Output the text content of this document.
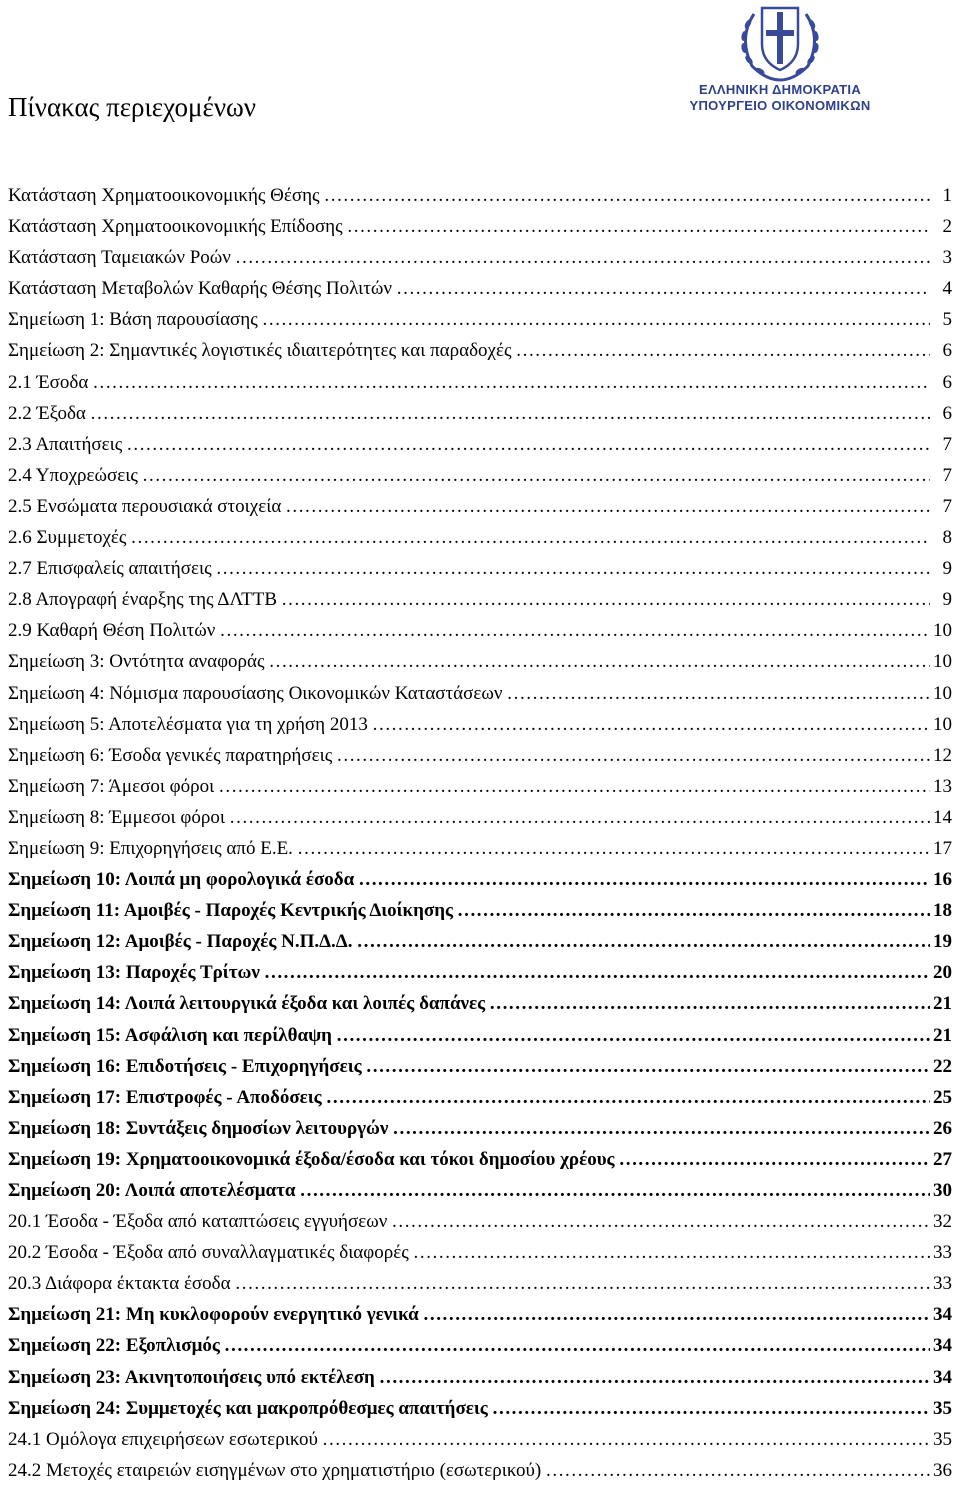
Πίνακας περιεχομένων
ΕΛΛΗΝΙΚΗ ΔΗΜΟΚΡΑΤΙΑ
ΥΠΟΥΡΓΕΙΟ ΟΙΚΟΝΟΜΙΚΩΝ
Κατάσταση Χρηματοοικονομικής Θέσης …………………………………………………………………………………………………………………………………………………………………	1
Κατάσταση Χρηματοοικονομικής Επίδοσης …………………………………………………………………………………………………………………………………………………………………	2
Κατάσταση Ταμειακών Ροών …………………………………………………………………………………………………………………………………………………………………	3
Κατάσταση Μεταβολών Καθαρής Θέσης Πολιτών …………………………………………………………………………………………………………………………………………………………………	4
Σημείωση 1: Βάση παρουσίασης …………………………………………………………………………………………………………………………………………………………………	5
Σημείωση 2: Σημαντικές λογιστικές ιδιαιτερότητες και παραδοχές …………………………………………………………………………………………………………………………………………………………………	6
2.1 Έσοδα …………………………………………………………………………………………………………………………………………………………………	6
2.2 Έξοδα …………………………………………………………………………………………………………………………………………………………………	6
2.3 Απαιτήσεις …………………………………………………………………………………………………………………………………………………………………	7
2.4 Υποχρεώσεις …………………………………………………………………………………………………………………………………………………………………	7
2.5 Ενσώματα περουσιακά στοιχεία …………………………………………………………………………………………………………………………………………………………………	7
2.6 Συμμετοχές …………………………………………………………………………………………………………………………………………………………………	8
2.7 Επισφαλείς απαιτήσεις …………………………………………………………………………………………………………………………………………………………………	9
2.8 Απογραφή έναρξης της ΔΛΤΤΒ …………………………………………………………………………………………………………………………………………………………………	9
2.9 Καθαρή Θέση Πολιτών …………………………………………………………………………………………………………………………………………………………………	10
Σημείωση 3: Οντότητα αναφοράς …………………………………………………………………………………………………………………………………………………………………	10
Σημείωση 4: Νόμισμα παρουσίασης Οικονομικών Καταστάσεων …………………………………………………………………………………………………………………………………………………………………	10
Σημείωση 5: Αποτελέσματα για τη χρήση 2013 …………………………………………………………………………………………………………………………………………………………………	10
Σημείωση 6: Έσοδα γενικές παρατηρήσεις …………………………………………………………………………………………………………………………………………………………………	12
Σημείωση 7: Άμεσοι φόροι …………………………………………………………………………………………………………………………………………………………………	13
Σημείωση 8: Έμμεσοι φόροι …………………………………………………………………………………………………………………………………………………………………	14
Σημείωση 9: Επιχορηγήσεις από Ε.Ε. …………………………………………………………………………………………………………………………………………………………………	17
Σημείωση 10: Λοιπά μη φορολογικά έσοδα …………………………………………………………………………………………………………………………………………………………………	16
Σημείωση 11: Αμοιβές - Παροχές Κεντρικής Διοίκησης …………………………………………………………………………………………………………………………………………………………………	18
Σημείωση 12: Αμοιβές - Παροχές Ν.Π.Δ.Δ. …………………………………………………………………………………………………………………………………………………………………	19
Σημείωση 13: Παροχές Τρίτων …………………………………………………………………………………………………………………………………………………………………	20
Σημείωση 14: Λοιπά λειτουργικά έξοδα και λοιπές δαπάνες …………………………………………………………………………………………………………………………………………………………………	21
Σημείωση 15: Ασφάλιση και περίλθαψη …………………………………………………………………………………………………………………………………………………………………	21
Σημείωση 16: Επιδοτήσεις - Επιχορηγήσεις …………………………………………………………………………………………………………………………………………………………………	22
Σημείωση 17: Επιστροφές - Αποδόσεις …………………………………………………………………………………………………………………………………………………………………	25
Σημείωση 18: Συντάξεις δημοσίων λειτουργών …………………………………………………………………………………………………………………………………………………………………	26
Σημείωση 19: Χρηματοοικονομικά έξοδα/έσοδα και τόκοι δημοσίου χρέους …………………………………………………………………………………………………………………………………………………………………	27
Σημείωση 20: Λοιπά αποτελέσματα …………………………………………………………………………………………………………………………………………………………………	30
20.1 Έσοδα - Έξοδα από καταπτώσεις εγγυήσεων …………………………………………………………………………………………………………………………………………………………………	32
20.2 Έσοδα - Έξοδα από συναλλαγματικές διαφορές …………………………………………………………………………………………………………………………………………………………………	33
20.3 Διάφορα έκτακτα έσοδα …………………………………………………………………………………………………………………………………………………………………	33
Σημείωση 21: Μη κυκλοφορούν ενεργητικό γενικά …………………………………………………………………………………………………………………………………………………………………	34
Σημείωση 22: Εξοπλισμός …………………………………………………………………………………………………………………………………………………………………	34
Σημείωση 23: Ακινητοποιήσεις υπό εκτέλεση …………………………………………………………………………………………………………………………………………………………………	34
Σημείωση 24: Συμμετοχές και μακροπρόθεσμες απαιτήσεις …………………………………………………………………………………………………………………………………………………………………	35
24.1 Ομόλογα επιχειρήσεων εσωτερικού …………………………………………………………………………………………………………………………………………………………………	35
24.2 Μετοχές εταιρειών εισηγμένων στο χρηματιστήριο (εσωτερικού) …………………………………………………………………………………………………………………………………………………………………	36
